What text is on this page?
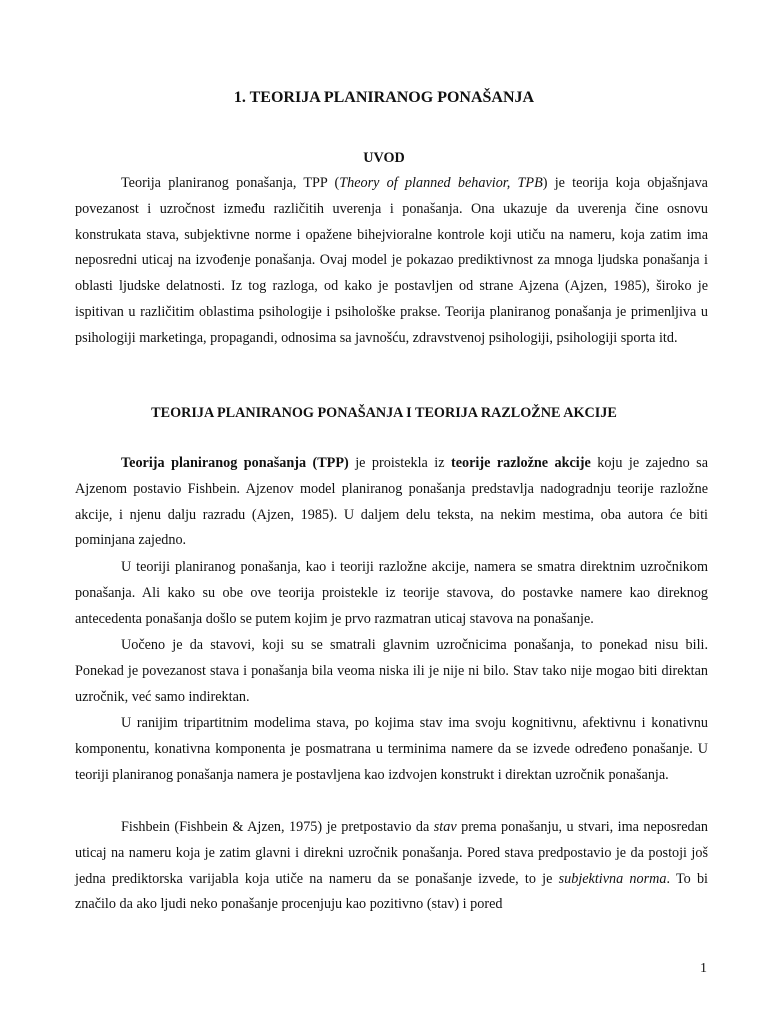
1. TEORIJA PLANIRANOG PONAŠANJA
UVOD

Teorija planiranog ponašanja, TPP (Theory of planned behavior, TPB) je teorija koja objašnjava povezanost i uzročnost između različitih uverenja i ponašanja. Ona ukazuje da uverenja čine osnovu konstrukata stava, subjektivne norme i opažene bihejvioralne kontrole koji utiču na nameru, koja zatim ima neposredni uticaj na izvođenje ponašanja. Ovaj model je pokazao prediktivnost za mnoga ljudska ponašanja i oblasti ljudske delatnosti. Iz tog razloga, od kako je postavljen od strane Ajzena (Ajzen, 1985), široko je ispitivan u različitim oblastima psihologije i psihološke prakse. Teorija planiranog ponašanja je primenljiva u psihologiji marketinga, propagandi, odnosima sa javnošću, zdravstvenoj psihologiji, psihologiji sporta itd.

TEORIJA PLANIRANOG PONAŠANJA I TEORIJA RAZLOŽNE AKCIJE

Teorija planiranog ponašanja (TPP) je proistekla iz teorije razložne akcije koju je zajedno sa Ajzenom postavio Fishbein. Ajzenov model planiranog ponašanja predstavlja nadogradnju teorije razložne akcije, i njenu dalju razradu (Ajzen, 1985). U daljem delu teksta, na nekim mestima, oba autora će biti pominjana zajedno.

U teoriji planiranog ponašanja, kao i teoriji razložne akcije, namera se smatra direktnim uzročnikom ponašanja. Ali kako su obe ove teorija proistekle iz teorije stavova, do postavke namere kao direknog antecedenta ponašanja došlo se putem kojim je prvo razmatran uticaj stavova na ponašanje.

Uočeno je da stavovi, koji su se smatrali glavnim uzročnicima ponašanja, to ponekad nisu bili. Ponekad je povezanost stava i ponašanja bila veoma niska ili je nije ni bilo. Stav tako nije mogao biti direktan uzročnik, već samo indirektan.

U ranijim tripartitnim modelima stava, po kojima stav ima svoju kognitivnu, afektivnu i konativnu komponentu, konativna komponenta je posmatrana u terminima namere da se izvede određeno ponašanje. U teoriji planiranog ponašanja namera je postavljena kao izdvojen konstrukt i direktan uzročnik ponašanja.

Fishbein (Fishbein & Ajzen, 1975) je pretpostavio da stav prema ponašanju, u stvari, ima neposredan uticaj na nameru koja je zatim glavni i direkni uzročnik ponašanja. Pored stava predpostavio je da postoji još jedna prediktorska varijabla koja utiče na nameru da se ponašanje izvede, to je subjektivna norma. To bi značilo da ako ljudi neko ponašanje procenjuju kao pozitivno (stav) i pored

1
